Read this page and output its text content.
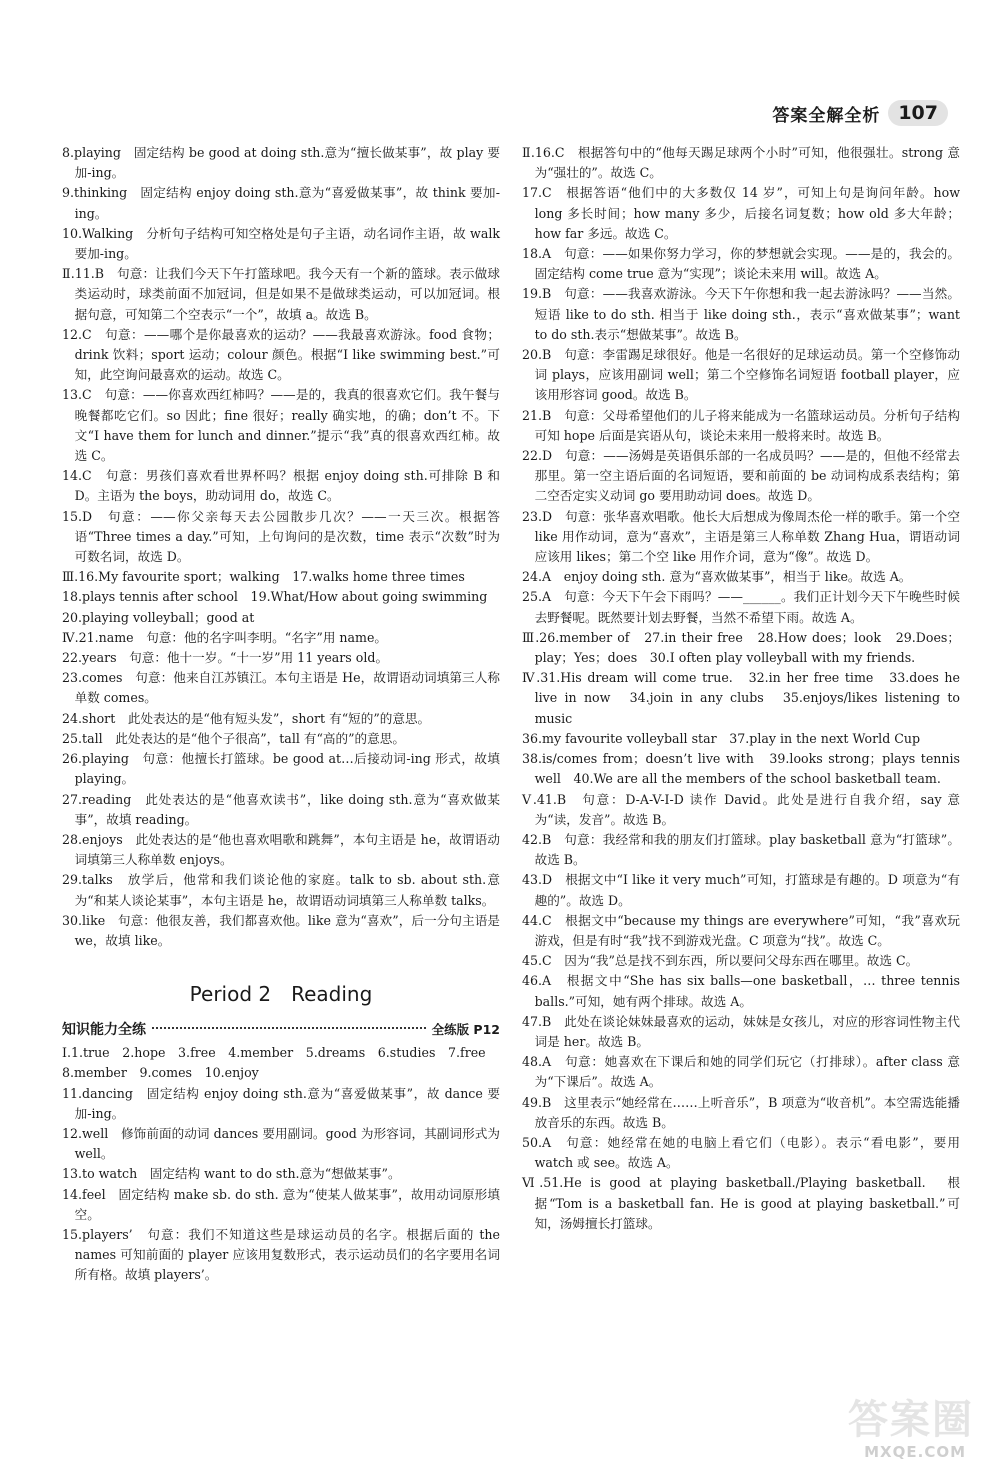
答案全解全析 107

8.playing　固定结构 be good at doing sth.意为“擅长做某事”，故 play 要加-ing。

9.thinking　固定结构 enjoy doing sth.意为“喜爱做某事”，故 think 要加-ing。

10.Walking　分析句子结构可知空格处是句子主语，动名词作主语，故 walk 要加-ing。

Ⅱ.11.B　句意：让我们今天下午打篮球吧。我今天有一个新的篮球。表示做球类运动时，球类前面不加冠词，但是如果不是做球类运动，可以加冠词。根据句意，可知第二个空表示“一个”，故填 a。故选 B。

12.C　句意：——哪个是你最喜欢的运动？——我最喜欢游泳。food 食物；drink 饮料；sport 运动；colour 颜色。根据“I like swimming best.”可知，此空询问最喜欢的运动。故选 C。

13.C　句意：——你喜欢西红柿吗？——是的，我真的很喜欢它们。我午餐与晚餐都吃它们。so 因此；fine 很好；really 确实地，的确；don’t 不。下文“I have them for lunch and dinner.”提示“我”真的很喜欢西红柿。故选 C。

14.C　句意：男孩们喜欢看世界杯吗？根据 enjoy doing sth.可排除 B 和 D。主语为 the boys，助动词用 do，故选 C。

15.D　句意：——你父亲每天去公园散步几次？——一天三次。根据答语“Three times a day.”可知，上句询问的是次数，time 表示“次数”时为可数名词，故选 D。

Ⅲ.16.My favourite sport；walking　17.walks home three times

18.plays tennis after school　19.What/How about going swimming

20.playing volleyball；good at

Ⅳ.21.name　句意：他的名字叫李明。“名字”用 name。

22.years　句意：他十一岁。“十一岁”用 11 years old。

23.comes　句意：他来自江苏镇江。本句主语是 He，故谓语动词填第三人称单数 comes。

24.short　此处表达的是“他有短头发”，short 有“短的”的意思。

25.tall　此处表达的是“他个子很高”，tall 有“高的”的意思。

26.playing　句意：他擅长打篮球。be good at…后接动词-ing 形式，故填 playing。

27.reading　此处表达的是“他喜欢读书”，like doing sth.意为“喜欢做某事”，故填 reading。

28.enjoys　此处表达的是“他也喜欢唱歌和跳舞”，本句主语是 he，故谓语动词填第三人称单数 enjoys。

29.talks　放学后，他常和我们谈论他的家庭。talk to sb. about sth.意为“和某人谈论某事”，本句主语是 he，故谓语动词填第三人称单数 talks。

30.like　句意：他很友善，我们都喜欢他。like 意为“喜欢”，后一分句主语是 we，故填 like。

Period 2　Reading

知识能力全练	全练版 P12

Ⅰ.1.true　2.hope　3.free　4.member　5.dreams　6.studies　7.free

8.member　9.comes　10.enjoy

11.dancing　固定结构 enjoy doing sth.意为“喜爱做某事”，故 dance 要加-ing。

12.well　修饰前面的动词 dances 要用副词。good 为形容词，其副词形式为 well。

13.to watch　固定结构 want to do sth.意为“想做某事”。

14.feel　固定结构 make sb. do sth. 意为“使某人做某事”，故用动词原形填空。

15.players’　句意：我们不知道这些是球运动员的名字。根据后面的 the names 可知前面的 player 应该用复数形式，表示运动员们的名字要用名词所有格。故填 players’。

Ⅱ.16.C　根据答句中的“他每天踢足球两个小时”可知，他很强壮。strong 意为“强壮的”。故选 C。

17.C　根据答语“他们中的大多数仅 14 岁”，可知上句是询问年龄。how long 多长时间；how many 多少，后接名词复数；how old 多大年龄；how far 多远。故选 C。

18.A　句意：——如果你努力学习，你的梦想就会实现。——是的，我会的。固定结构 come true 意为“实现”；谈论未来用 will。故选 A。

19.B　句意：——我喜欢游泳。今天下午你想和我一起去游泳吗？——当然。短语 like to do sth. 相当于 like doing sth.，表示“喜欢做某事”；want to do sth.表示“想做某事”。故选 B。

20.B　句意：李雷踢足球很好。他是一名很好的足球运动员。第一个空修饰动词 plays，应该用副词 well；第二个空修饰名词短语 football player，应该用形容词 good。故选 B。

21.B　句意：父母希望他们的儿子将来能成为一名篮球运动员。分析句子结构可知 hope 后面是宾语从句，谈论未来用一般将来时。故选 B。

22.D　句意：——汤姆是英语俱乐部的一名成员吗？——是的，但他不经常去那里。第一空主语后面的名词短语，要和前面的 be 动词构成系表结构；第二空否定实义动词 go 要用助动词 does。故选 D。

23.D　句意：张华喜欢唱歌。他长大后想成为像周杰伦一样的歌手。第一个空 like 用作动词，意为“喜欢”，主语是第三人称单数 Zhang Hua，谓语动词应该用 likes；第二个空 like 用作介词，意为“像”。故选 D。

24.A　enjoy doing sth. 意为“喜欢做某事”，相当于 like。故选 A。

25.A　句意：今天下午会下雨吗？——______。我们正计划今天下午晚些时候去野餐呢。既然要计划去野餐，当然不希望下雨。故选 A。

Ⅲ.26.member of　27.in their free　28.How does；look　29.Does；play；Yes；does　30.I often play volleyball with my friends.

Ⅳ.31.His dream will come true.　32.in her free time　33.does he live in now　34.join in any clubs　35.enjoys/likes listening to music

36.my favourite volleyball star　37.play in the next World Cup

38.is/comes from；doesn’t live with　39.looks strong；plays tennis well　40.We are all the members of the school basketball team.

Ⅴ.41.B　句意：D-A-V-I-D 读作 David。此处是进行自我介绍，say 意为“读，发音”。故选 B。

42.B　句意：我经常和我的朋友们打篮球。play basketball 意为“打篮球”。故选 B。

43.D　根据文中“I like it very much”可知，打篮球是有趣的。D 项意为“有趣的”。故选 D。

44.C　根据文中“because my things are everywhere”可知，“我”喜欢玩游戏，但是有时“我”找不到游戏光盘。C 项意为“找”。故选 C。

45.C　因为“我”总是找不到东西，所以要问父母东西在哪里。故选 C。

46.A　根据文中“She has six balls—one basketball，… three tennis balls.”可知，她有两个排球。故选 A。

47.B　此处在谈论妹妹最喜欢的运动，妹妹是女孩儿，对应的形容词性物主代词是 her。故选 B。

48.A　句意：她喜欢在下课后和她的同学们玩它（打排球）。after class 意为“下课后”。故选 A。

49.B　这里表示“她经常在……上听音乐”，B 项意为“收音机”。本空需选能播放音乐的东西。故选 B。

50.A　句意：她经常在她的电脑上看它们（电影）。表示“看电影”，要用 watch 或 see。故选 A。

Ⅵ.51.He is good at playing basketball./Playing basketball.　根据“Tom is a basketball fan. He is good at playing basketball.”可知，汤姆擅长打篮球。

答案圈
MXQE.COM
